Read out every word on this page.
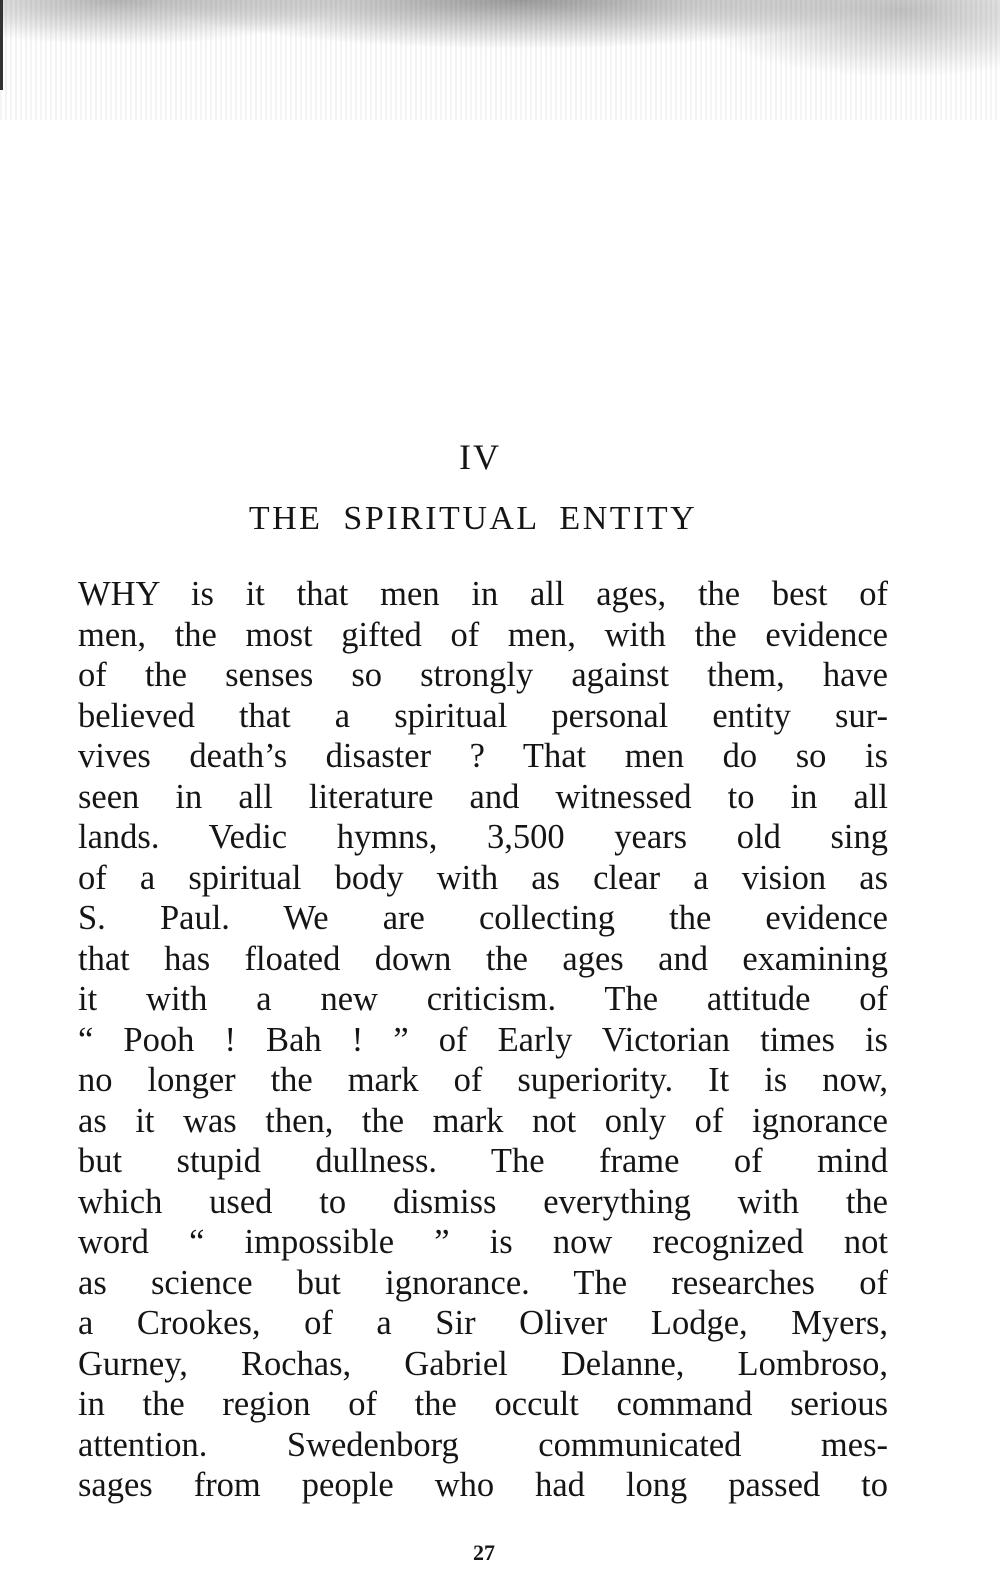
IV
THE SPIRITUAL ENTITY
WHY is it that men in all ages, the best of
men, the most gifted of men, with the evidence
of the senses so strongly against them, have
believed that a spiritual personal entity sur-
vives death’s disaster ? That men do so is
seen in all literature and witnessed to in all
lands. Vedic hymns, 3,500 years old sing
of a spiritual body with as clear a vision as
S. Paul. We are collecting the evidence
that has floated down the ages and examining
it with a new criticism. The attitude of
“ Pooh ! Bah ! ” of Early Victorian times is
no longer the mark of superiority. It is now,
as it was then, the mark not only of ignorance
but stupid dullness. The frame of mind
which used to dismiss everything with the
word “ impossible ” is now recognized not
as science but ignorance. The researches of
a Crookes, of a Sir Oliver Lodge, Myers,
Gurney, Rochas, Gabriel Delanne, Lombroso,
in the region of the occult command serious
attention. Swedenborg communicated mes-
sages from people who had long passed to
27
